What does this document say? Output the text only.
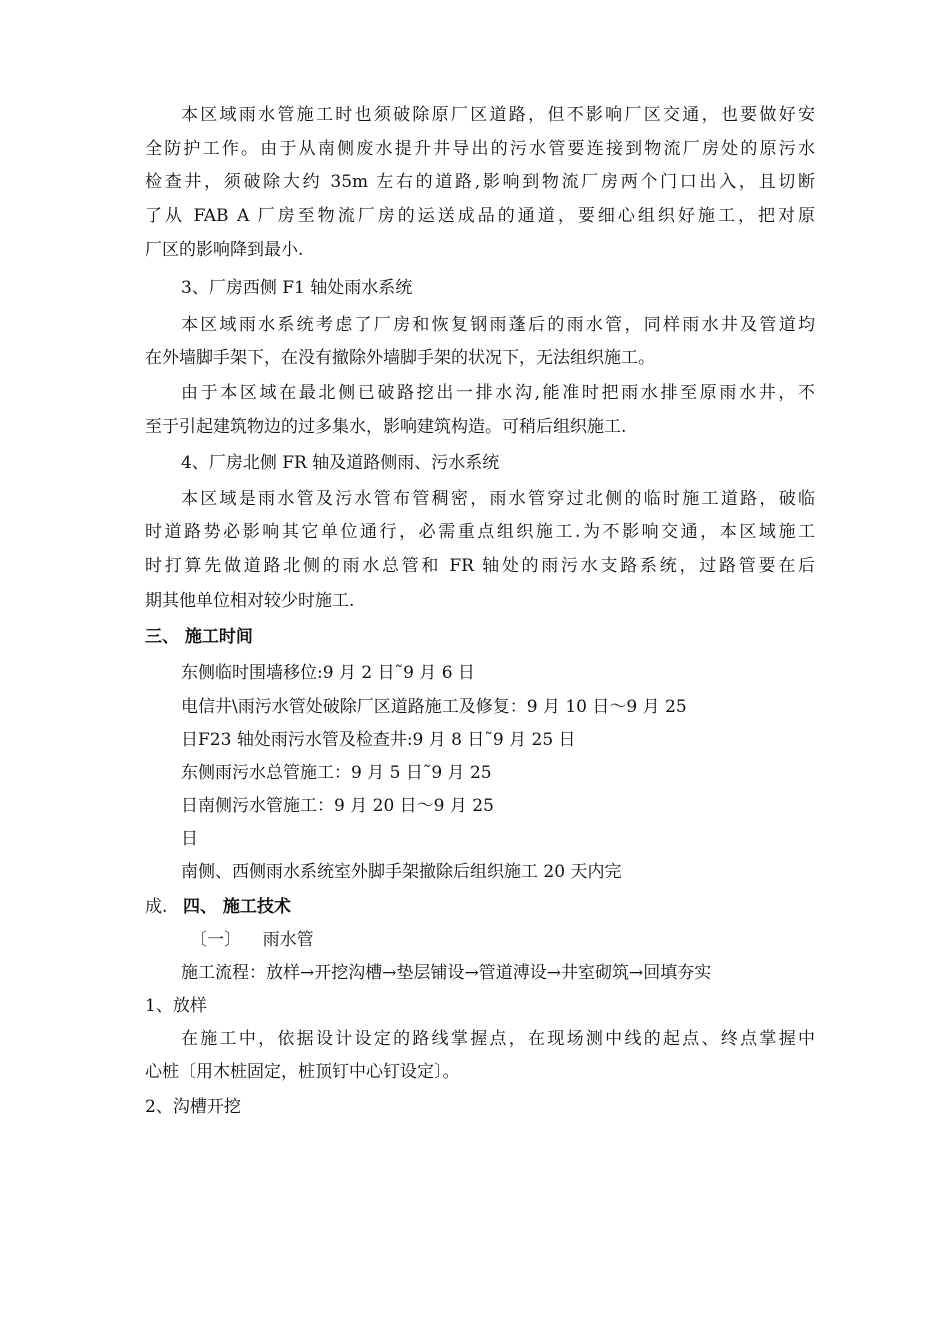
本区域雨水管施工时也须破除原厂区道路，但不影响厂区交通，也要做好安
全防护工作。由于从南侧废水提升井导出的污水管要连接到物流厂房处的原污水
检查井，须破除大约 35m 左右的道路,影响到物流厂房两个门口出入，且切断
了从 FAB A 厂房至物流厂房的运送成品的通道，要细心组织好施工，把对原
厂区的影响降到最小.
3、厂房西侧 F1 轴处雨水系统
本区域雨水系统考虑了厂房和恢复钢雨蓬后的雨水管，同样雨水井及管道均
在外墙脚手架下，在没有撤除外墙脚手架的状况下，无法组织施工。
由于本区域在最北侧已破路挖出一排水沟,能准时把雨水排至原雨水井，不
至于引起建筑物边的过多集水，影响建筑构造。可稍后组织施工.
4、厂房北侧 FR 轴及道路侧雨、污水系统
本区域是雨水管及污水管布管稠密，雨水管穿过北侧的临时施工道路，破临
时道路势必影响其它单位通行，必需重点组织施工.为不影响交通，本区域施工
时打算先做道路北侧的雨水总管和 FR 轴处的雨污水支路系统，过路管要在后
期其他单位相对较少时施工.
三、 施工时间
东侧临时围墙移位:9 月 2 日˜9 月 6 日
电信井\雨污水管处破除厂区道路施工及修复：9 月 10 日～9 月 25
日F23 轴处雨污水管及检查井:9 月 8 日˜9 月 25 日
东侧雨污水总管施工：9 月 5 日˜9 月 25
日南侧污水管施工：9 月 20 日～9 月 25
日
南侧、西侧雨水系统室外脚手架撤除后组织施工 20 天内完
成. 四、 施工技术
〔一〕    雨水管
施工流程：放样→开挖沟槽→垫层铺设→管道溥设→井室砌筑→回填夯实
1、放样
在施工中，依据设计设定的路线掌握点，在现场测中线的起点、终点掌握中
心桩〔用木桩固定，桩顶钉中心钉设定〕。
2、沟槽开挖
